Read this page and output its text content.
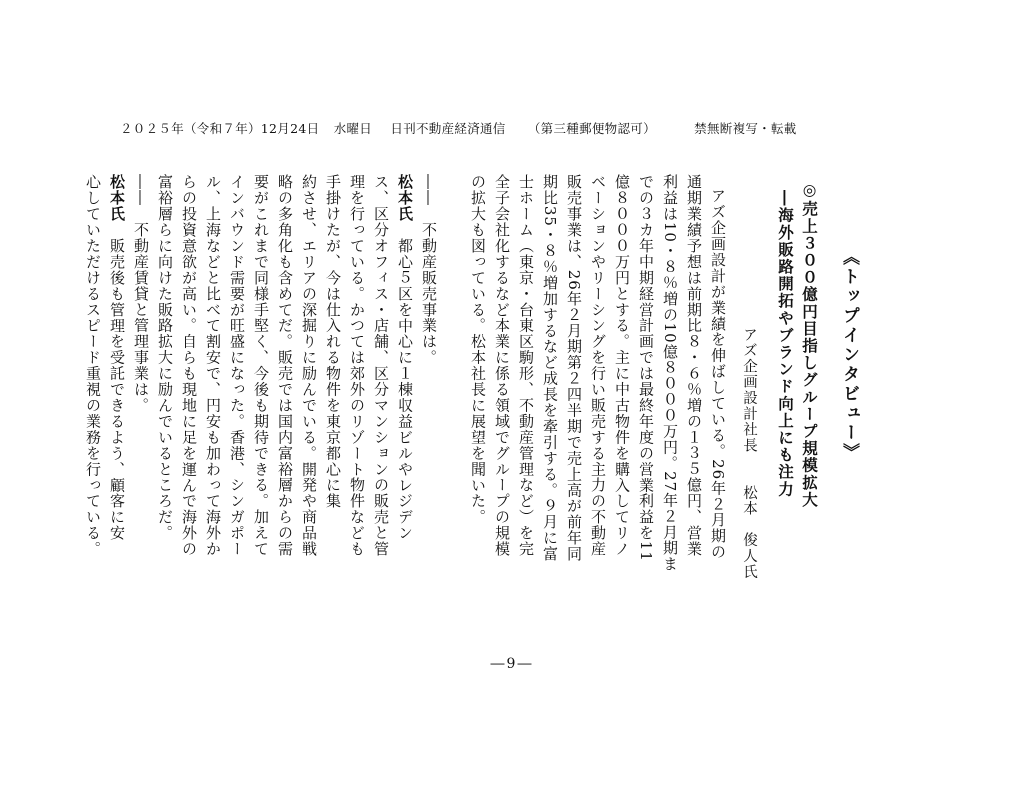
２０２５年（令和７年）12月24日 水曜日 日刊不動産経済通信 （第三種郵便物認可）	禁無断複写・転載
《トップインタビュー》
◎売上３００億円目指しグループ規模拡大
―海外販路開拓やブランド向上にも注力
アズ企画設計社長松本　俊人氏
アズ企画設計が業績を伸ばしている。26年２月期の
通期業績予想は前期比８・６％増の１３５億円、営業
利益は10・８％増の10億８０００万円。27年２月期ま
での３カ年中期経営計画では最終年度の営業利益を11
億８０００万円とする。主に中古物件を購入してリノ
ベーションやリーシングを行い販売する主力の不動産
販売事業は、26年２月期第２四半期で売上高が前年同
期比35・８％増加するなど成長を牽引する。９月に富
士ホーム（東京・台東区駒形、不動産管理など）を完
全子会社化するなど本業に係る領域でグループの規模
の拡大も図っている。松本社長に展望を聞いた。
――　不動産販売事業は。
松本氏　都心５区を中心に１棟収益ビルやレジデン
ス、区分オフィス・店舗、区分マンションの販売と管
理を行っている。かつては郊外のリゾート物件なども
手掛けたが、今は仕入れる物件を東京都心に集
約させ、エリアの深掘りに励んでいる。開発や商品戦
略の多角化も含めてだ。販売では国内富裕層からの需
要がこれまで同様手堅く、今後も期待できる。加えて
インバウンド需要が旺盛になった。香港、シンガポー
ル、上海などと比べて割安で、円安も加わって海外か
らの投資意欲が高い。自らも現地に足を運んで海外の
富裕層らに向けた販路拡大に励んでいるところだ。
――　不動産賃貸と管理事業は。
松本氏　販売後も管理を受託できるよう、顧客に安
心していただけるスピード重視の業務を行っている。
―9―
